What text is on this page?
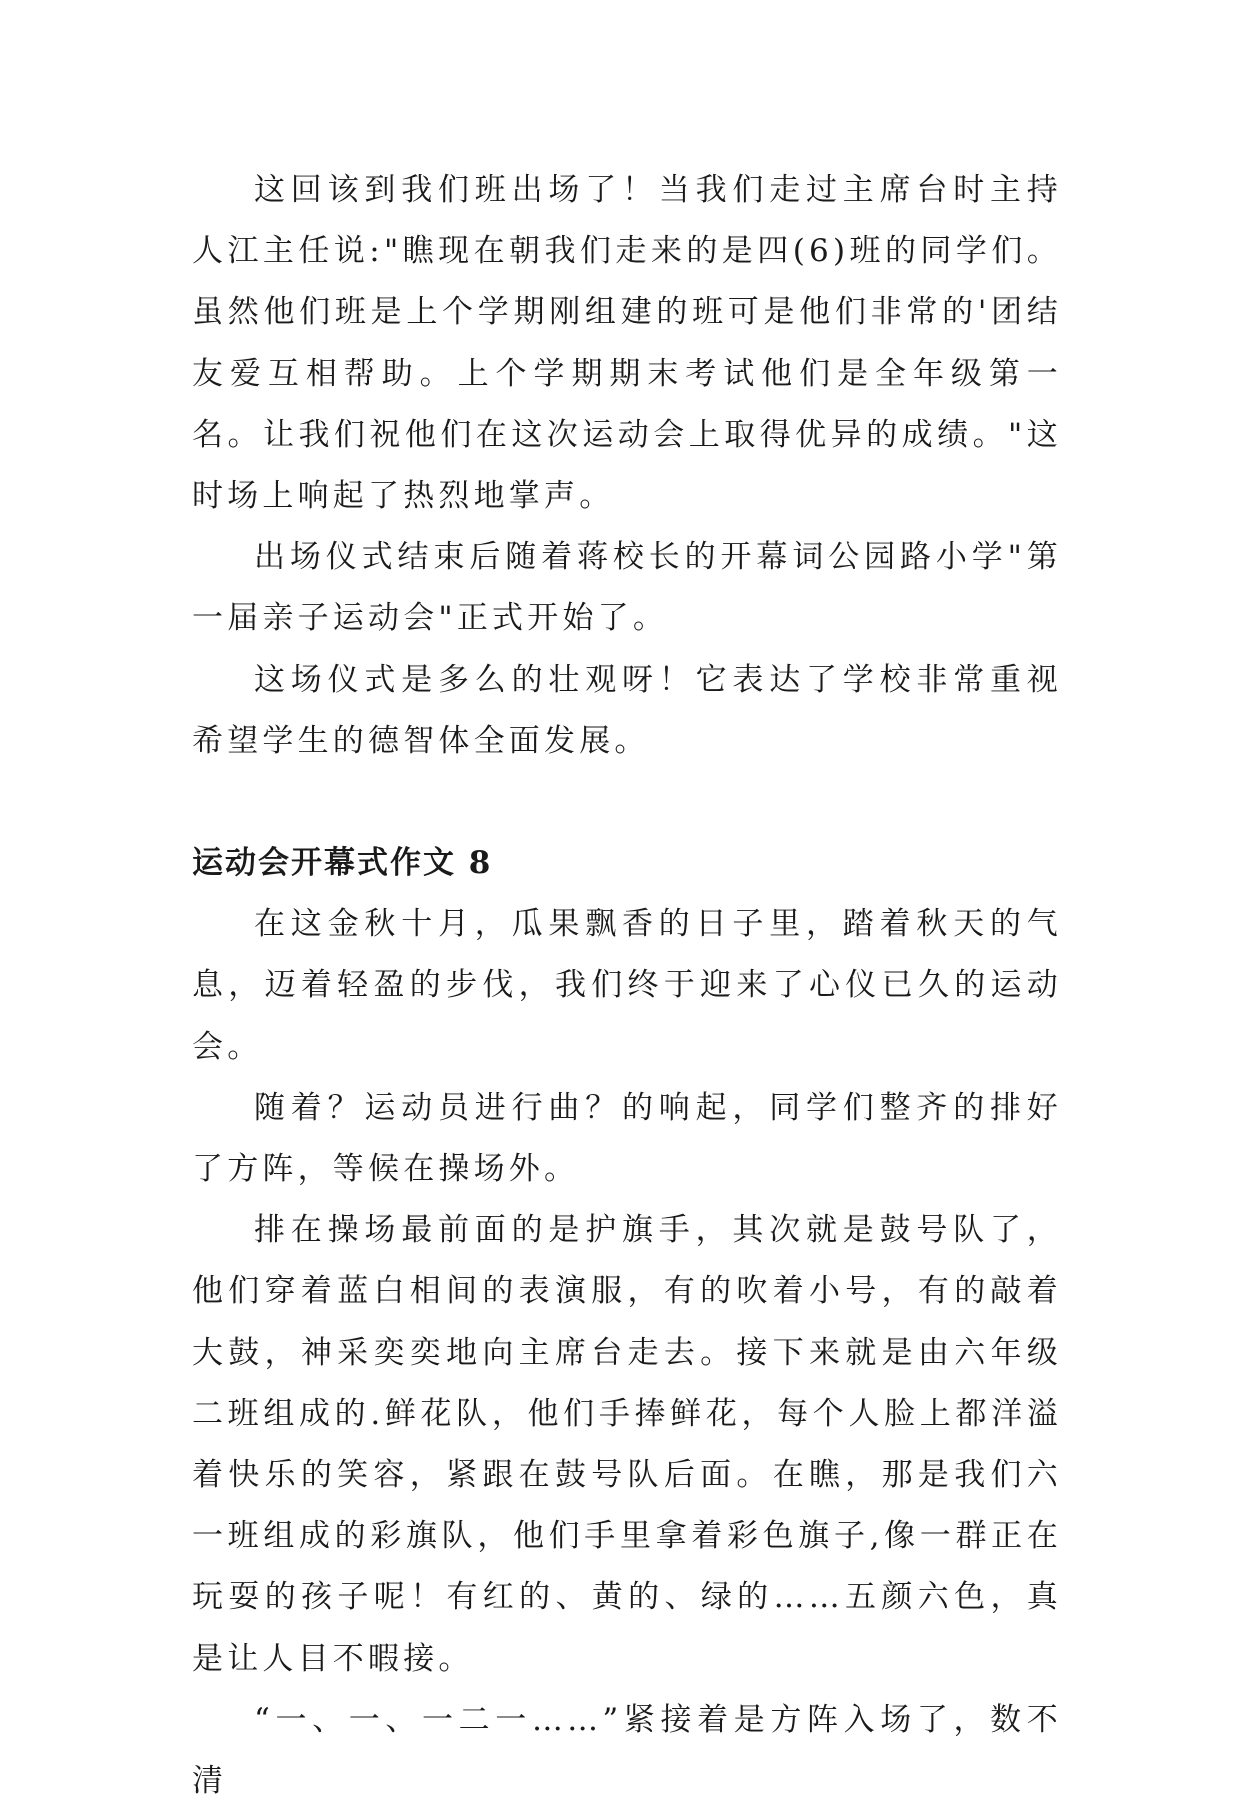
这回该到我们班出场了！当我们走过主席台时主持人江主任说:"瞧现在朝我们走来的是四(6)班的同学们。虽然他们班是上个学期刚组建的班可是他们非常的'团结友爱互相帮助。上个学期期末考试他们是全年级第一名。让我们祝他们在这次运动会上取得优异的成绩。"这时场上响起了热烈地掌声。

出场仪式结束后随着蒋校长的开幕词公园路小学"第一届亲子运动会"正式开始了。

这场仪式是多么的壮观呀！它表达了学校非常重视希望学生的德智体全面发展。

运动会开幕式作文 8

在这金秋十月，瓜果飘香的日子里，踏着秋天的气息，迈着轻盈的步伐，我们终于迎来了心仪已久的运动会。

随着？运动员进行曲？的响起，同学们整齐的排好了方阵，等候在操场外。

排在操场最前面的是护旗手，其次就是鼓号队了，他们穿着蓝白相间的表演服，有的吹着小号，有的敲着大鼓，神采奕奕地向主席台走去。接下来就是由六年级二班组成的.鲜花队，他们手捧鲜花，每个人脸上都洋溢着快乐的笑容，紧跟在鼓号队后面。在瞧，那是我们六一班组成的彩旗队，他们手里拿着彩色旗子,像一群正在玩耍的孩子呢！有红的、黄的、绿的……五颜六色，真是让人目不暇接。

“一、一、一二一……”紧接着是方阵入场了，数不清
